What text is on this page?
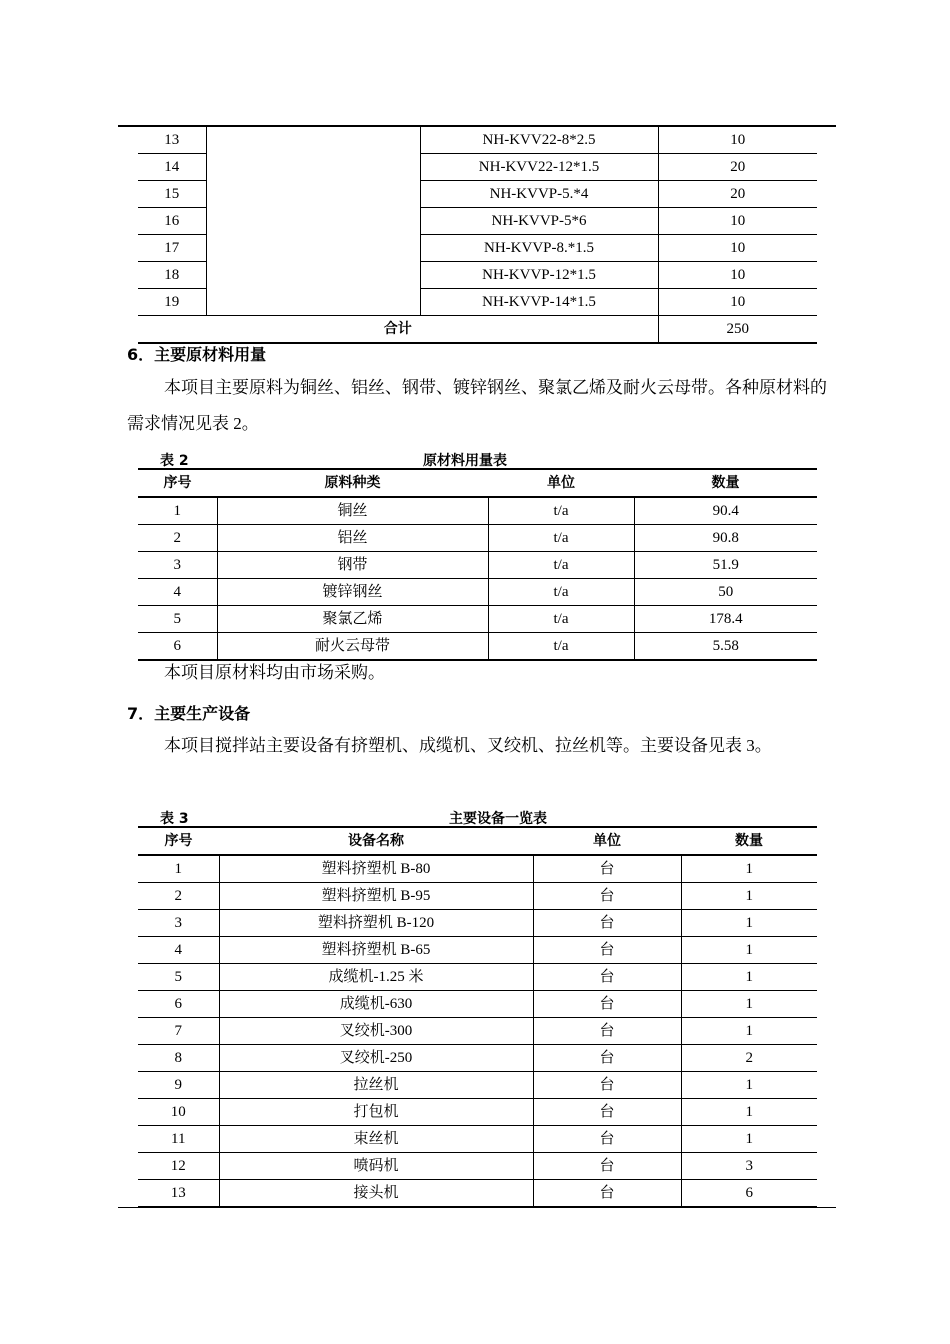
13		NH-KVV22-8*2.5	10
14		NH-KVV22-12*1.5	20
15		NH-KVVP-5.*4	20
16		NH-KVVP-5*6	10
17		NH-KVVP-8.*1.5	10
18		NH-KVVP-12*1.5	10
19		NH-KVVP-14*1.5	10
合计			250
6．主要原材料用量
本项目主要原料为铜丝、铝丝、钢带、镀锌钢丝、聚氯乙烯及耐火云母带。各种原材料的需求情况见表 2。
表 2	原材料用量表
序号	原料种类	单位	数量
1	铜丝	t/a	90.4
2	铝丝	t/a	90.8
3	钢带	t/a	51.9
4	镀锌钢丝	t/a	50
5	聚氯乙烯	t/a	178.4
6	耐火云母带	t/a	5.58
本项目原材料均由市场采购。
7．主要生产设备
本项目搅拌站主要设备有挤塑机、成缆机、叉绞机、拉丝机等。主要设备见表 3。
表 3	主要设备一览表
序号	设备名称	单位	数量
1	塑料挤塑机 B-80	台	1
2	塑料挤塑机 B-95	台	1
3	塑料挤塑机 B-120	台	1
4	塑料挤塑机 B-65	台	1
5	成缆机-1.25 米	台	1
6	成缆机-630	台	1
7	叉绞机-300	台	1
8	叉绞机-250	台	2
9	拉丝机	台	1
10	打包机	台	1
11	束丝机	台	1
12	喷码机	台	3
13	接头机	台	6
